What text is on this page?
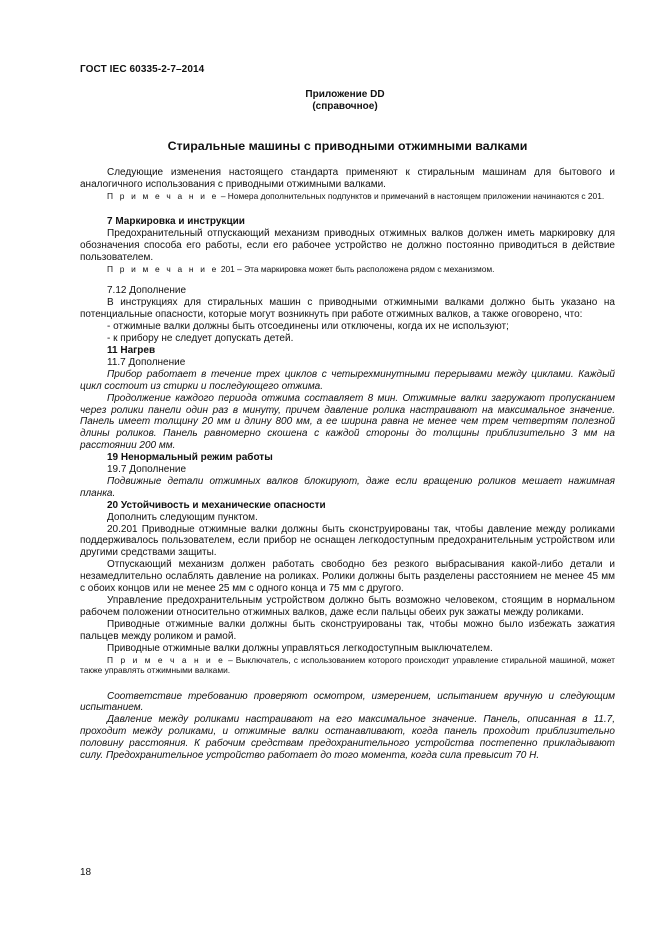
ГОСТ IEC 60335-2-7–2014
Приложение DD
(справочное)
Стиральные машины с приводными отжимными валками

Следующие изменения настоящего стандарта применяют к стиральным машинам для бытового и аналогичного использования с приводными отжимными валками.

П р и м е ч а н и е – Номера дополнительных подпунктов и примечаний в настоящем приложении начинаются с 201.

7 Маркировка и инструкции

Предохранительный отпускающий механизм приводных отжимных валков должен иметь маркировку для обозначения способа его работы, если его рабочее устройство не должно постоянно приводиться в действие пользователем.

П р и м е ч а н и е 201 – Эта маркировка может быть расположена рядом с механизмом.

7.12 Дополнение

В инструкциях для стиральных машин с приводными отжимными валками должно быть указано на потенциальные опасности, которые могут возникнуть при работе отжимных валков, а также оговорено, что:

- отжимные валки должны быть отсоединены или отключены, когда их не используют;

- к прибору не следует допускать детей.

11 Нагрев

11.7 Дополнение

Прибор работает в течение трех циклов с четырехминутными перерывами между циклами. Каждый цикл состоит из стирки и последующего отжима.

Продолжение каждого периода отжима составляет 8 мин. Отжимные валки загружают пропусканием через ролики панели один раз в минуту, причем давление ролика настраивают на максимальное значение. Панель имеет толщину 20 мм и длину 800 мм, а ее ширина равна не менее чем трем четвертям полезной длины роликов. Панель равномерно скошена с каждой стороны до толщины приблизительно 3 мм на расстоянии 200 мм.

19 Ненормальный режим работы

19.7 Дополнение

Подвижные детали отжимных валков блокируют, даже если вращению роликов мешает нажимная планка.

20 Устойчивость и механические опасности

Дополнить следующим пунктом.

20.201 Приводные отжимные валки должны быть сконструированы так, чтобы давление между роликами поддерживалось пользователем, если прибор не оснащен легкодоступным предохранительным устройством или другими средствами защиты.

Отпускающий механизм должен работать свободно без резкого выбрасывания какой-либо детали и незамедлительно ослаблять давление на роликах. Ролики должны быть разделены расстоянием не менее 45 мм с обоих концов или не менее 25 мм с одного конца и 75 мм с другого.

Управление предохранительным устройством должно быть возможно человеком, стоящим в нормальном рабочем положении относительно отжимных валков, даже если пальцы обеих рук зажаты между роликами.

Приводные отжимные валки должны быть сконструированы так, чтобы можно было избежать зажатия пальцев между роликом и рамой.

Приводные отжимные валки должны управляться легкодоступным выключателем.

П р и м е ч а н и е – Выключатель, с использованием которого происходит управление стиральной машиной, может также управлять отжимными валками.

Соответствие требованию проверяют осмотром, измерением, испытанием вручную и следующим испытанием.

Давление между роликами настраивают на его максимальное значение. Панель, описанная в 11.7, проходит между роликами, и отжимные валки останавливают, когда панель проходит приблизительно половину расстояния. К рабочим средствам предохранительного устройства постепенно прикладывают силу. Предохранительное устройство работает до того момента, когда сила превысит 70 Н.

18
